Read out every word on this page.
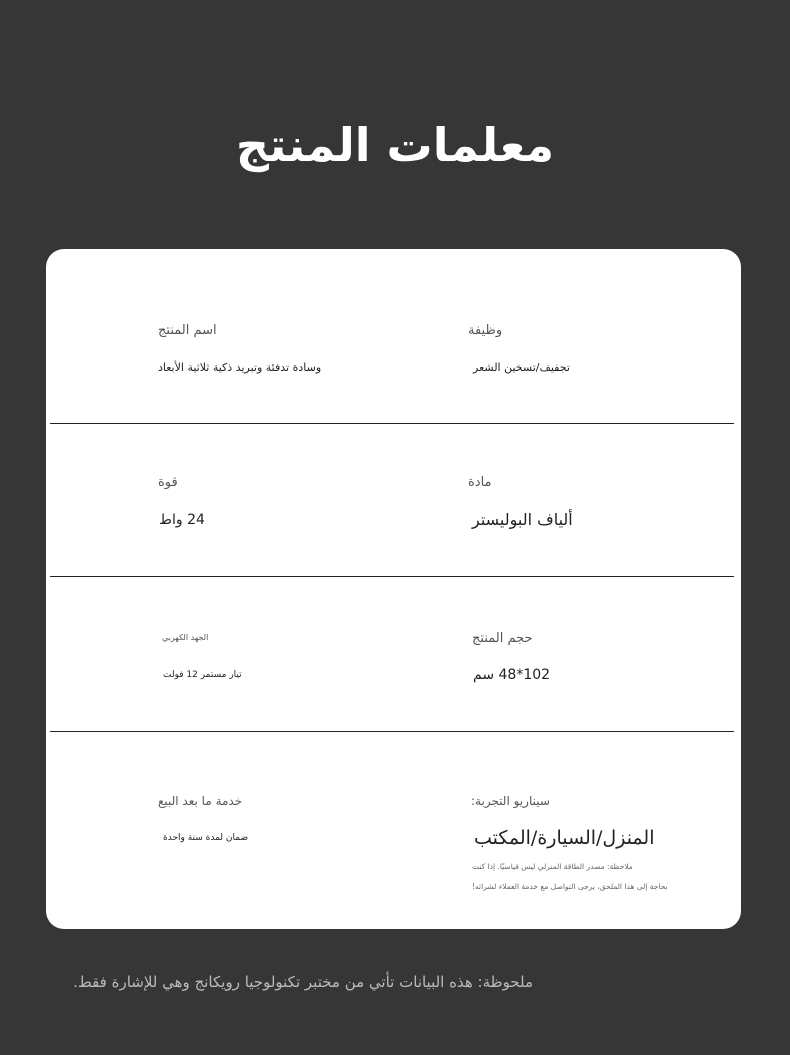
معلمات المنتج
اسم المنتج
وسادة تدفئة وتبريد ذكية ثلاثية الأبعاد
وظيفة
تجفيف/تسخين الشعر
قوة
24 واط
مادة
ألياف البوليستر
الجهد الكهربي
تيار مستمر 12 فولت
حجم المنتج
102*48 سم
خدمة ما بعد البيع
ضمان لمدة سنة واحدة
سيناريو التجربة:
المنزل/السيارة/المكتب
ملاحظة: مصدر الطاقة المنزلي ليس قياسيًا. إذا كنت
بحاجة إلى هذا الملحق، يرجى التواصل مع خدمة العملاء لشرائه!
ملحوظة: هذه البيانات تأتي من مختبر تكنولوجيا رويكانج وهي للإشارة فقط.
